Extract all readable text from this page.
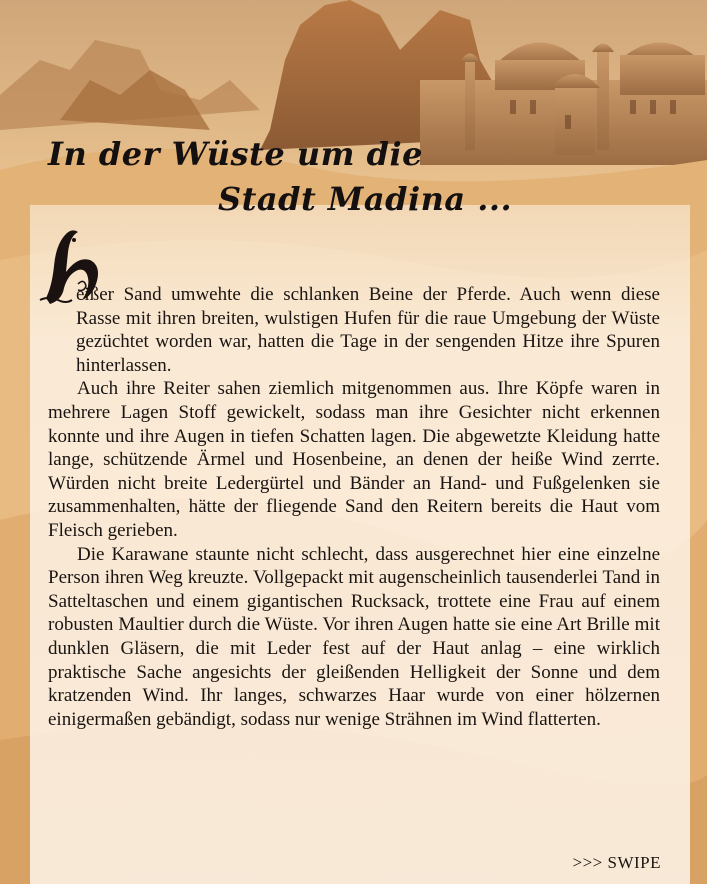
In der Wüste um die
Stadt Madina ...

eißer Sand umwehte die schlanken Beine der Pferde. Auch wenn diese Rasse mit ihren breiten, wulstigen Hufen für die raue Umgebung der Wüste gezüchtet worden war, hatten die Tage in der sengenden Hitze ihre Spuren hinterlassen.

Auch ihre Reiter sahen ziemlich mitgenommen aus. Ihre Köpfe waren in mehrere Lagen Stoff gewickelt, sodass man ihre Gesichter nicht erkennen konnte und ihre Augen in tiefen Schatten lagen. Die abgewetzte Kleidung hatte lange, schützende Ärmel und Hosenbeine, an denen der heiße Wind zerrte. Würden nicht breite Ledergürtel und Bänder an Hand- und Fußgelenken sie zusammenhalten, hätte der fliegende Sand den Reitern bereits die Haut vom Fleisch gerieben.

Die Karawane staunte nicht schlecht, dass ausgerechnet hier eine einzelne Person ihren Weg kreuzte. Vollgepackt mit augenscheinlich tausenderlei Tand in Satteltaschen und einem gigantischen Rucksack, trottete eine Frau auf einem robusten Maultier durch die Wüste. Vor ihren Augen hatte sie eine Art Brille mit dunklen Gläsern, die mit Leder fest auf der Haut anlag – eine wirklich praktische Sache angesichts der gleißenden Helligkeit der Sonne und dem kratzenden Wind. Ihr langes, schwarzes Haar wurde von einer hölzernen einigermaßen gebändigt, sodass nur wenige Strähnen im Wind flatterten.

>>> SWIPE
